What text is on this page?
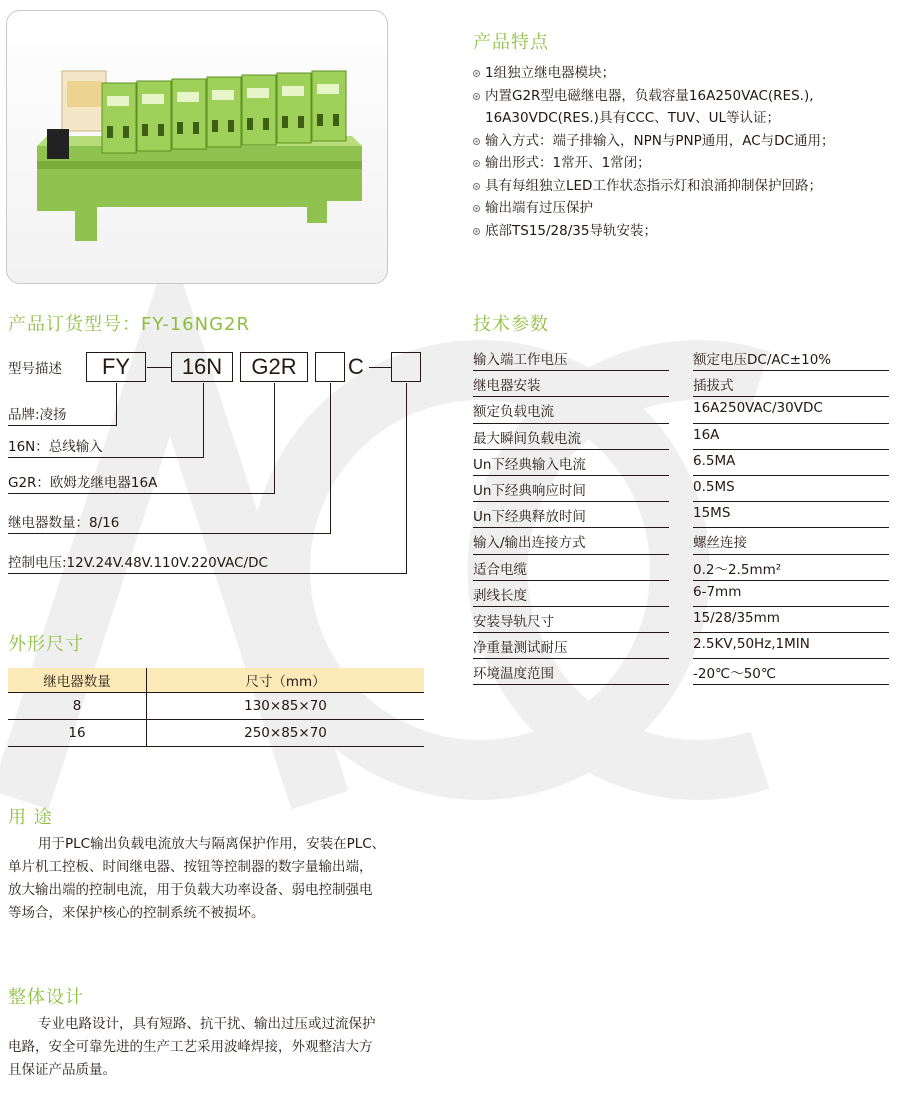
产品特点
1组独立继电器模块；
内置G2R型电磁继电器，负载容量16A250VAC(RES.),
16A30VDC(RES.)具有CCC、TUV、UL等认证；
输入方式：端子排输入，NPN与PNP通用，AC与DC通用；
输出形式：1常开、1常闭；
具有每组独立LED工作状态指示灯和浪涌抑制保护回路；
输出端有过压保护
底部TS15/28/35导轨安装；
产品订货型号：FY-16NG2R
型号描述	FY	16N	G2R	C
品牌:凌扬
16N：总线输入
G2R：欧姆龙继电器16A
继电器数量：8/16
控制电压:12V.24V.48V.110V.220VAC/DC
外形尺寸
继电器数量	尺寸（mm）
8	130×85×70
16	250×85×70
技术参数
输入端工作电压	额定电压DC/AC±10%
继电器安装	插拔式
额定负载电流	16A250VAC/30VDC
最大瞬间负载电流	16A
Un下经典输入电流	6.5MA
Un下经典响应时间	0.5MS
Un下经典释放时间	15MS
输入/输出连接方式	螺丝连接
适合电缆	0.2～2.5mm²
剥线长度	6-7mm
安装导轨尺寸	15/28/35mm
净重量测试耐压	2.5KV,50Hz,1MIN
环境温度范围	-20℃～50℃
用 途
用于PLC输出负载电流放大与隔离保护作用，安装在PLC、
单片机工控板、时间继电器、按钮等控制器的数字量输出端，
放大输出端的控制电流，用于负载大功率设备、弱电控制强电
等场合，来保护核心的控制系统不被损坏。
整体设计
专业电路设计，具有短路、抗干扰、输出过压或过流保护
电路，安全可靠先进的生产工艺采用波峰焊接，外观整洁大方
且保证产品质量。
